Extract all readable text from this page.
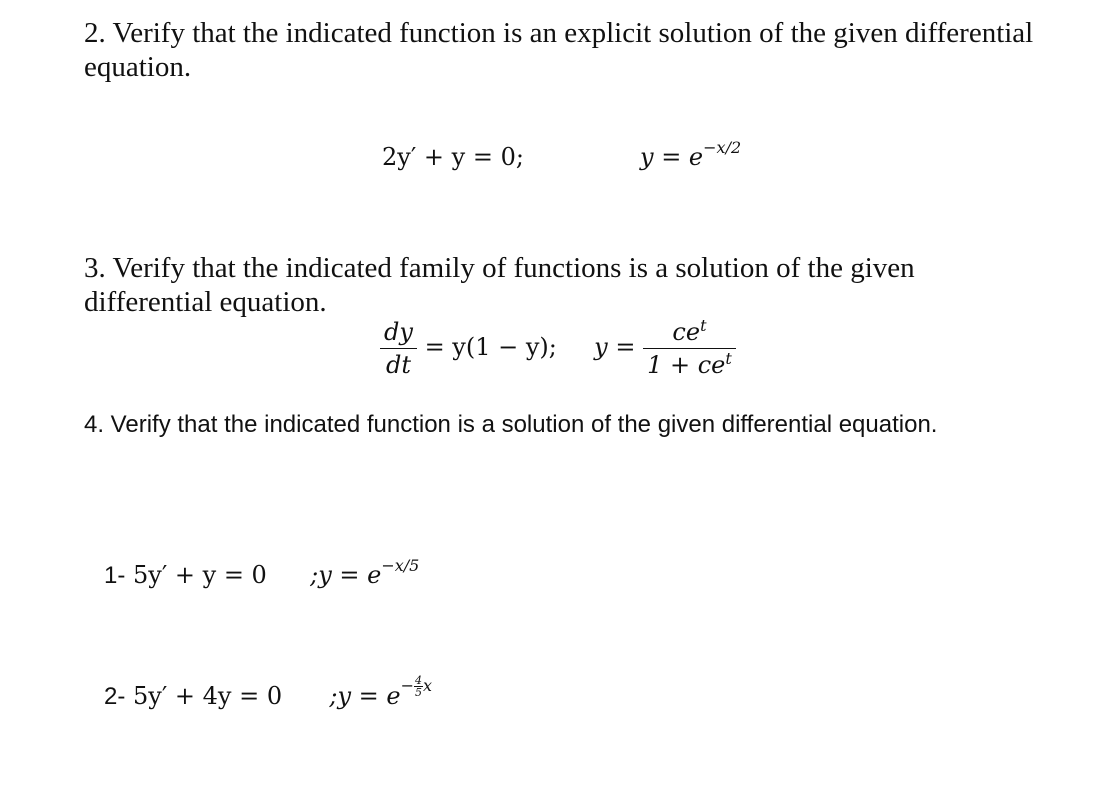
2. Verify that the indicated function is an explicit solution of the given differential equation.
2y′ + y = 0;	$y = e^{-x/2}$
3. Verify that the indicated family of functions is a solution of the given differential equation.
$\frac{dy}{dt} = y(1 - y)$; $y = \frac{ce^t}{1 + ce^t}$
4. Verify that the indicated function is a solution of the given differential equation.
1- 5y′ + y = 0 ;y = $e^{-x/5}$
2- 5y′ + 4y = 0 ;y = $e- \frac{4}{5}$ x
